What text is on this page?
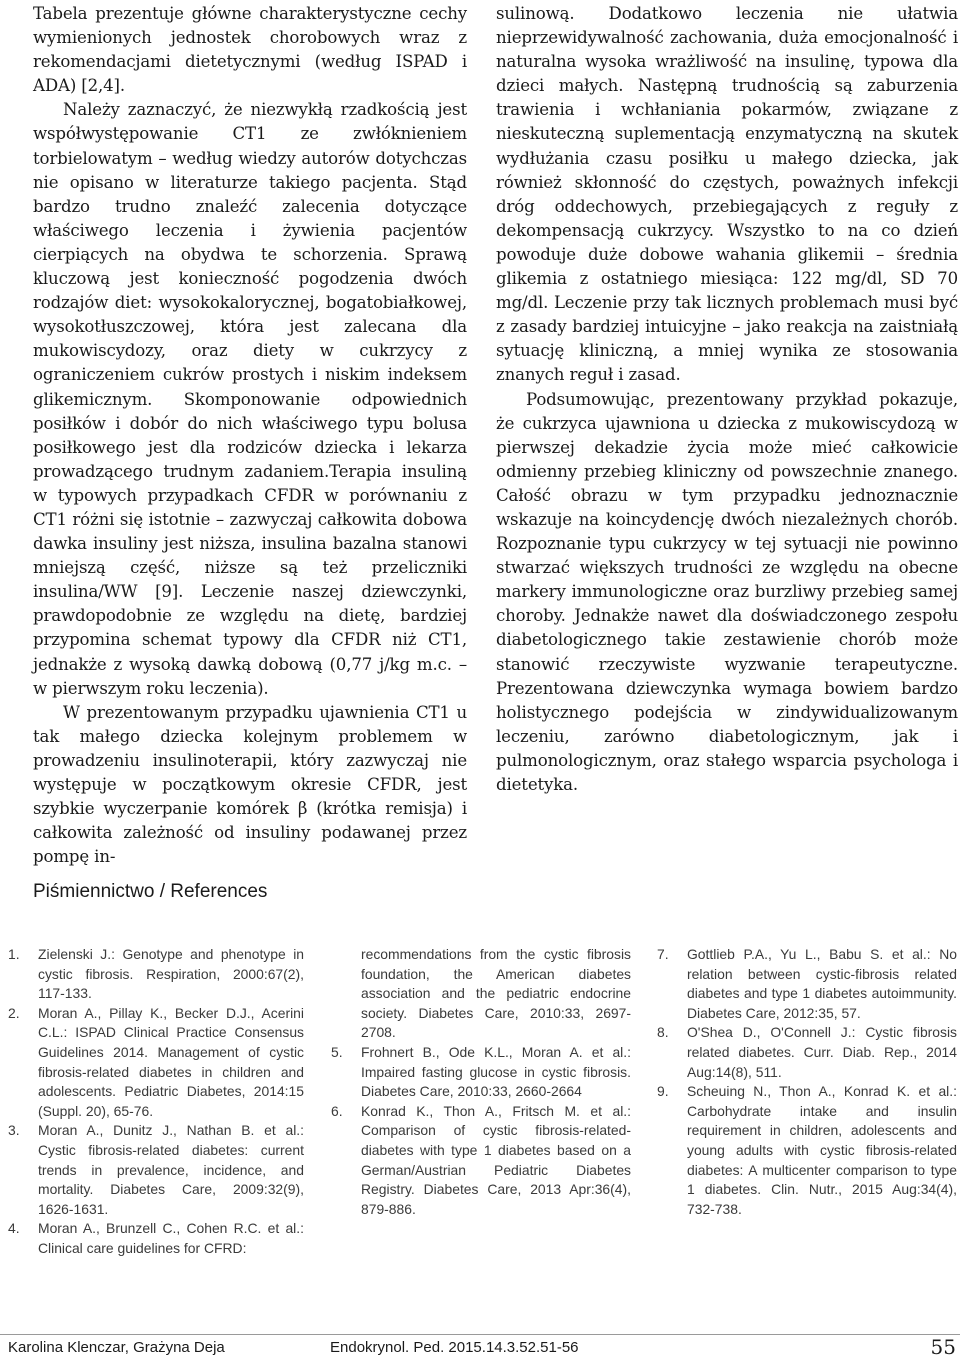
Tabela prezentuje główne charakterystyczne cechy wymienionych jednostek chorobowych wraz z rekomendacjami dietetycznymi (według ISPAD i ADA) [2,4].

Należy zaznaczyć, że niezwykłą rzadkością jest współwystępowanie CT1 ze zwłóknieniem torbielowatym – według wiedzy autorów dotychczas nie opisano w literaturze takiego pacjenta. Stąd bardzo trudno znaleźć zalecenia dotyczące właściwego leczenia i żywienia pacjentów cierpiących na obydwa te schorzenia. Sprawą kluczową jest konieczność pogodzenia dwóch rodzajów diet: wysokokalorycznej, bogatobiałkowej, wysokotłuszczowej, która jest zalecana dla mukowiscydozy, oraz diety w cukrzycy z ograniczeniem cukrów prostych i niskim indeksem glikemicznym. Skomponowanie odpowiednich posiłków i dobór do nich właściwego typu bolusa posiłkowego jest dla rodziców dziecka i lekarza prowadzącego trudnym zadaniem.Terapia insuliną w typowych przypadkach CFDR w porównaniu z CT1 różni się istotnie – zazwyczaj całkowita dobowa dawka insuliny jest niższa, insulina bazalna stanowi mniejszą część, niższe są też przeliczniki insulina/WW [9]. Leczenie naszej dziewczynki, prawdopodobnie ze względu na dietę, bardziej przypomina schemat typowy dla CFDR niż CT1, jednakże z wysoką dawką dobową (0,77 j/kg m.c. – w pierwszym roku leczenia).

W prezentowanym przypadku ujawnienia CT1 u tak małego dziecka kolejnym problemem w prowadzeniu insulinoterapii, który zazwyczaj nie występuje w początkowym okresie CFDR, jest szybkie wyczerpanie komórek β (krótka remisja) i całkowita zależność od insuliny podawanej przez pompę in-

sulinową. Dodatkowo leczenia nie ułatwia nieprzewidywalność zachowania, duża emocjonalność i naturalna wysoka wrażliwość na insulinę, typowa dla dzieci małych. Następną trudnością są zaburzenia trawienia i wchłaniania pokarmów, związane z nieskuteczną suplementacją enzymatyczną na skutek wydłużania czasu posiłku u małego dziecka, jak również skłonność do częstych, poważnych infekcji dróg oddechowych, przebiegających z reguły z dekompensacją cukrzycy. Wszystko to na co dzień powoduje duże dobowe wahania glikemii – średnia glikemia z ostatniego miesiąca: 122 mg/dl, SD 70 mg/dl. Leczenie przy tak licznych problemach musi być z zasady bardziej intuicyjne – jako reakcja na zaistniałą sytuację kliniczną, a mniej wynika ze stosowania znanych reguł i zasad.

Podsumowując, prezentowany przykład pokazuje, że cukrzyca ujawniona u dziecka z mukowiscydozą w pierwszej dekadzie życia może mieć całkowicie odmienny przebieg kliniczny od powszechnie znanego. Całość obrazu w tym przypadku jednoznacznie wskazuje na koincydencję dwóch niezależnych chorób. Rozpoznanie typu cukrzycy w tej sytuacji nie powinno stwarzać większych trudności ze względu na obecne markery immunologiczne oraz burzliwy przebieg samej choroby. Jednakże nawet dla doświadczonego zespołu diabetologicznego takie zestawienie chorób może stanowić rzeczywiste wyzwanie terapeutyczne. Prezentowana dziewczynka wymaga bowiem bardzo holistycznego podejścia w zindywidualizowanym leczeniu, zarówno diabetologicznym, jak i pulmonologicznym, oraz stałego wsparcia psychologa i dietetyka.

Piśmiennictwo / References
1. Zielenski J.: Genotype and phenotype in cystic fibrosis. Respiration, 2000:67(2), 117-133.
2. Moran A., Pillay K., Becker D.J., Acerini C.L.: ISPAD Clinical Practice Consensus Guidelines 2014. Management of cystic fibrosis-related diabetes in children and adolescents. Pediatric Diabetes, 2014:15 (Suppl. 20), 65-76.
3. Moran A., Dunitz J., Nathan B. et al.: Cystic fibrosis-related diabetes: current trends in prevalence, incidence, and mortality. Diabetes Care, 2009:32(9), 1626-1631.
4. Moran A., Brunzell C., Cohen R.C. et al.: Clinical care guidelines for CFRD:
recommendations from the cystic fibrosis foundation, the American diabetes association and the pediatric endocrine society. Diabetes Care, 2010:33, 2697-2708.
5. Frohnert B., Ode K.L., Moran A. et al.: Impaired fasting glucose in cystic fibrosis. Diabetes Care, 2010:33, 2660-2664
6. Konrad K., Thon A., Fritsch M. et al.: Comparison of cystic fibrosis-related-diabetes with type 1 diabetes based on a German/Austrian Pediatric Diabetes Registry. Diabetes Care, 2013 Apr:36(4), 879-886.
7. Gottlieb P.A., Yu L., Babu S. et al.: No relation between cystic-fibrosis related diabetes and type 1 diabetes autoimmunity. Diabetes Care, 2012:35, 57.
8. O'Shea D., O'Connell J.: Cystic fibrosis related diabetes. Curr. Diab. Rep., 2014 Aug:14(8), 511.
9. Scheuing N., Thon A., Konrad K. et al.: Carbohydrate intake and insulin requirement in children, adolescents and young adults with cystic fibrosis-related diabetes: A multicenter comparison to type 1 diabetes. Clin. Nutr., 2015 Aug:34(4), 732-738.
Karolina Klenczar, Grażyna Deja	Endokrynol. Ped. 2015.14.3.52.51-56	55
